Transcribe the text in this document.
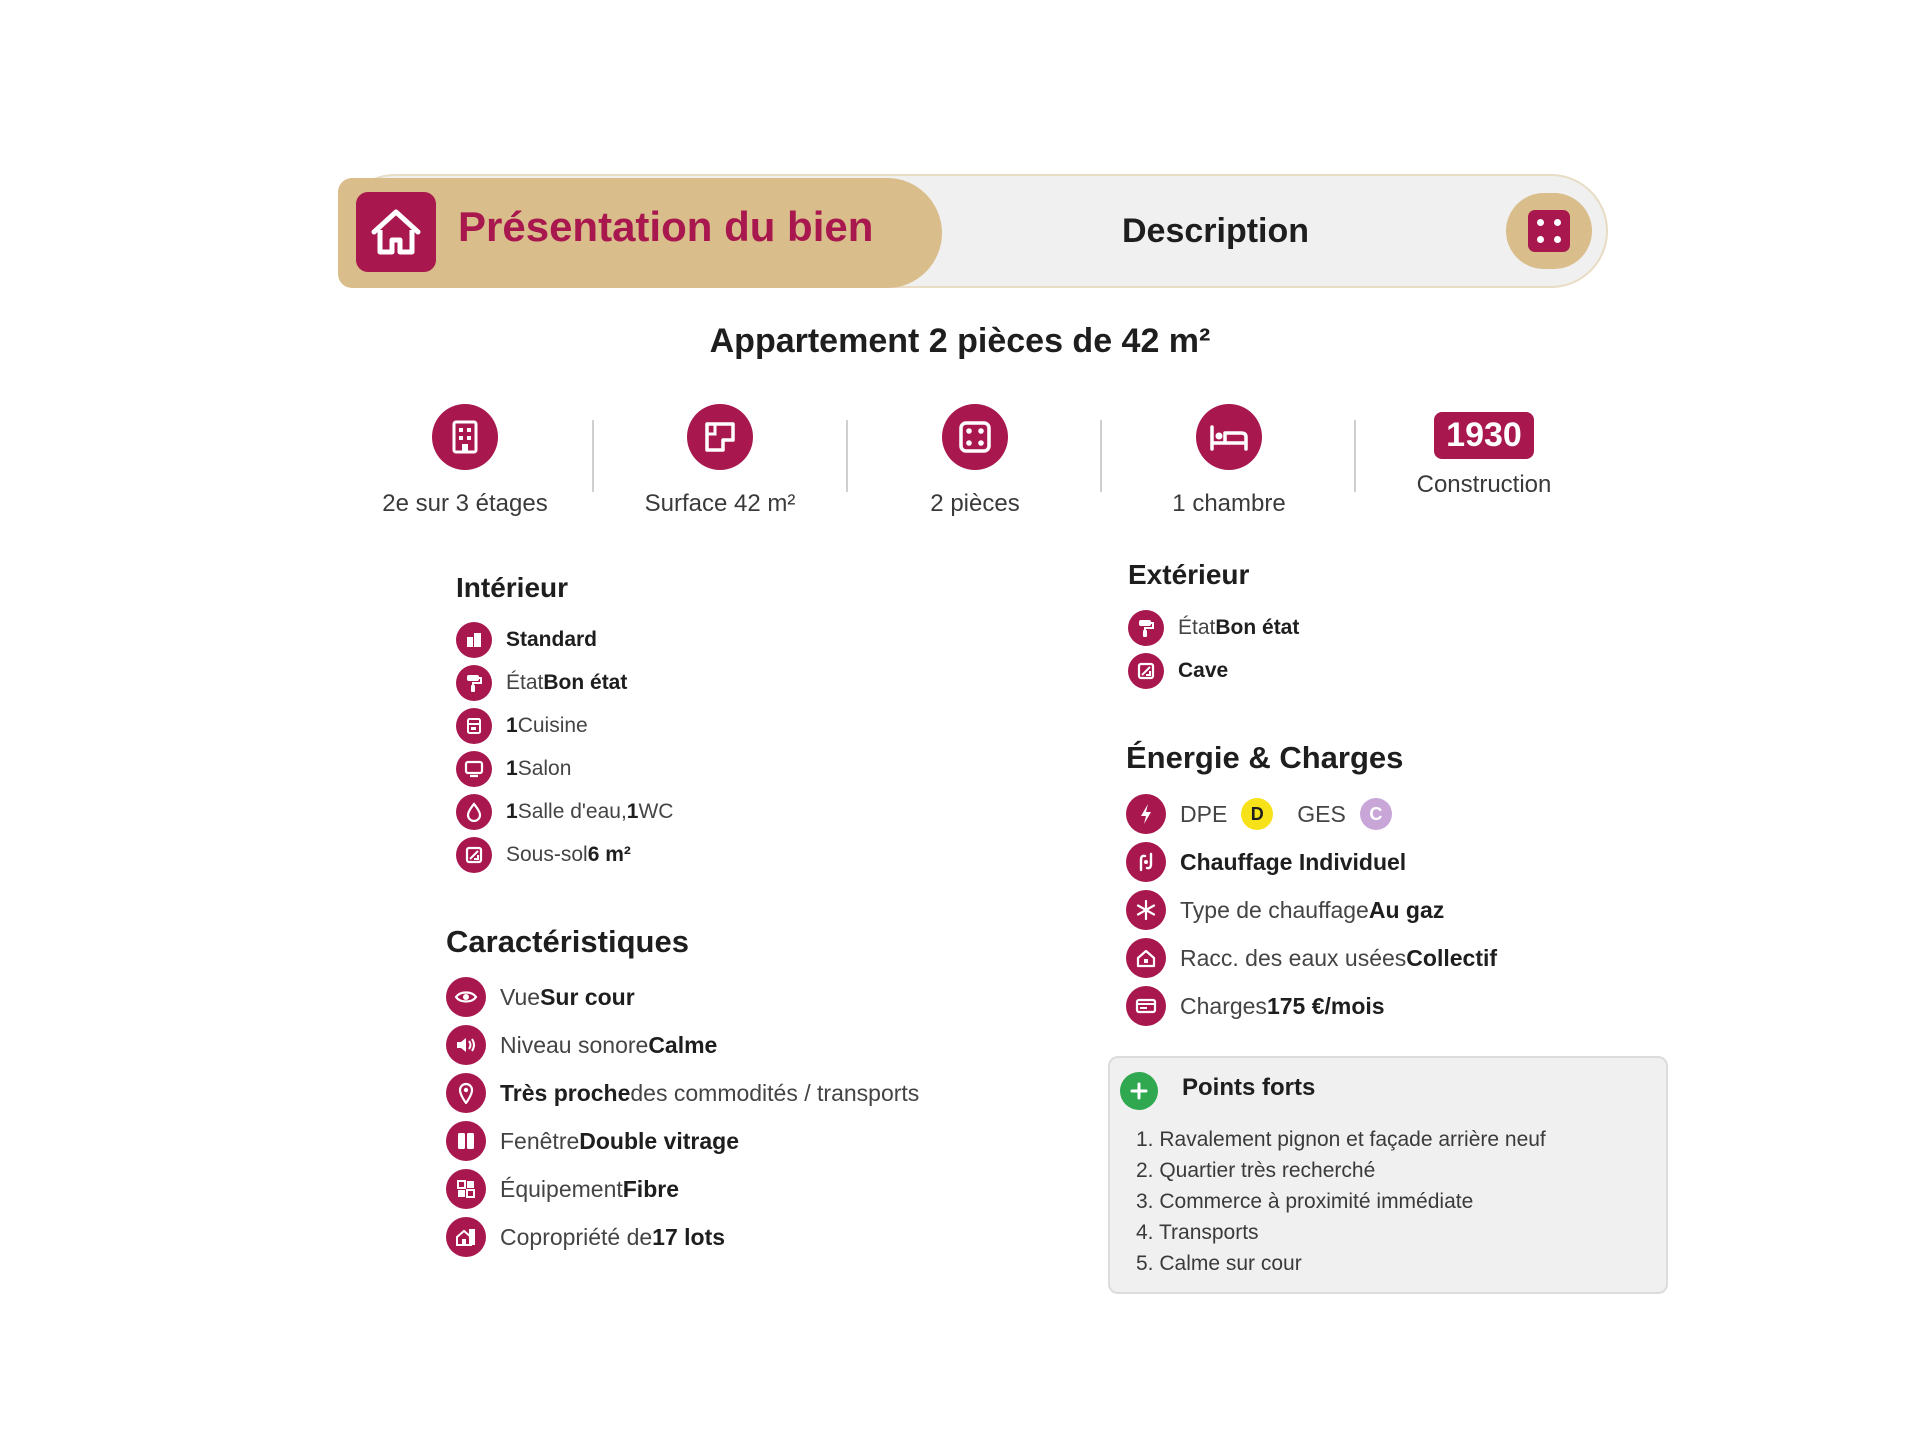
Présentation du bien	Description
Appartement 2 pièces de 42 m²
2e sur 3 étages	Surface 42 m²	2 pièces	1 chambre
1930
Construction
Intérieur
Standard
État Bon état
1 Cuisine
1 Salon
1 Salle d'eau, 1 WC
Sous-sol 6 m²
Caractéristiques
Vue Sur cour
Niveau sonore Calme
Très proche des commodités / transports
Fenêtre Double vitrage
Équipement Fibre
Copropriété de 17 lots
Extérieur
État Bon état
Cave
Énergie & Charges
DPE	D	GES	C
Chauffage Individuel
Type de chauffage Au gaz
Racc. des eaux usées Collectif
Charges 175 €/mois
Points forts
1. Ravalement pignon et façade arrière neuf
2. Quartier très recherché
3. Commerce à proximité immédiate
4. Transports
5. Calme sur cour
